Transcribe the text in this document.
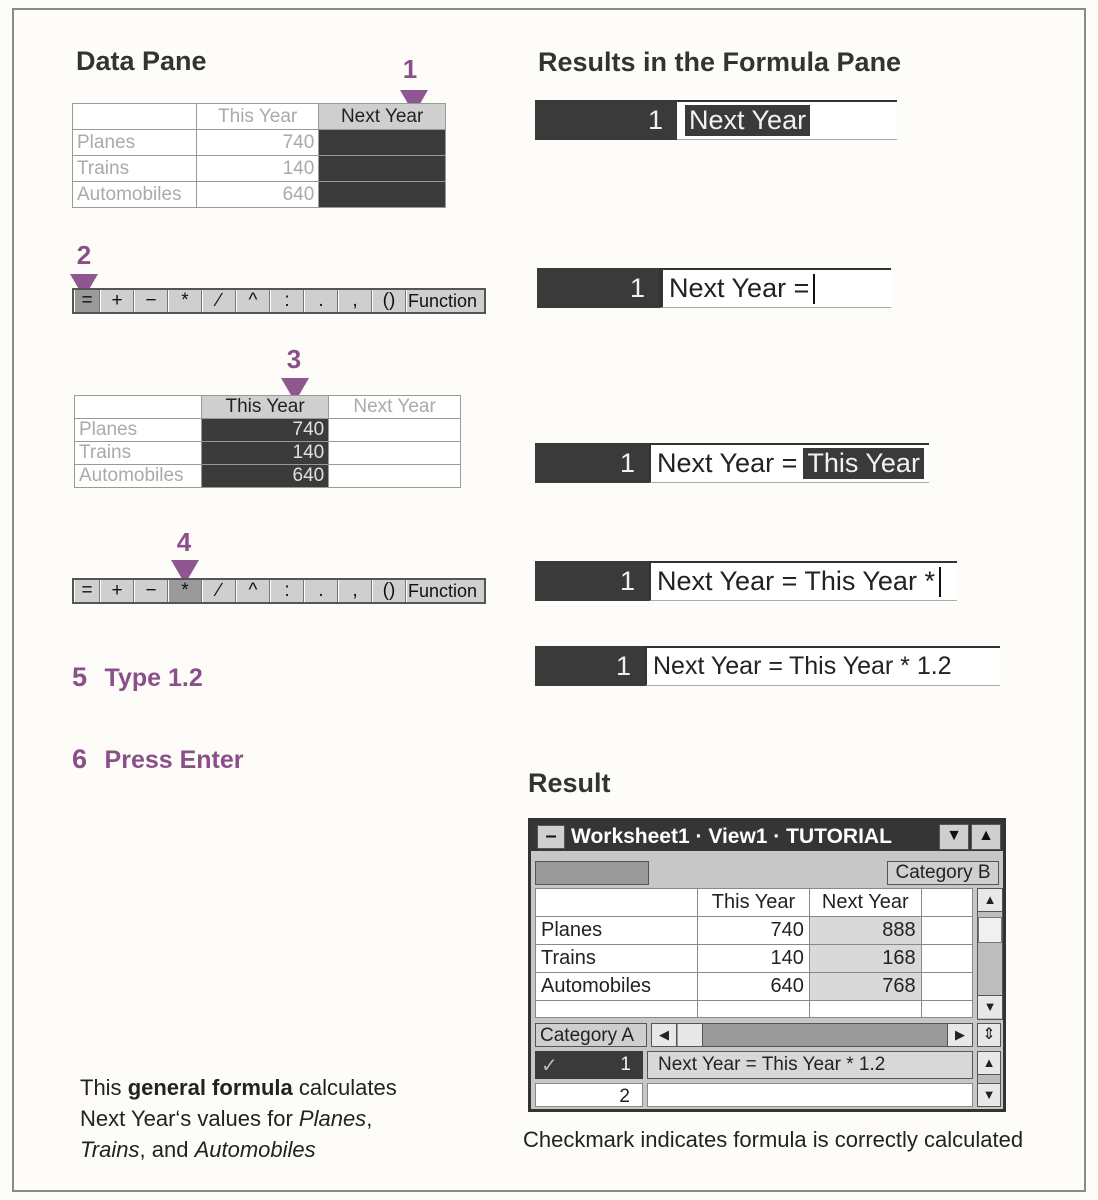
Data Pane	Results in the Formula Pane
1
	This Year	Next Year
Planes	740	
Trains	140	
Automobiles	640	
1 Next Year
2
= +	−	*	∕	^	:	.	,	() Function	1 Next Year =
3
	This Year	Next Year
Planes	740	
Trains	140	
Automobiles	640		1 Next Year = This Year
4
= +	−	*	∕	^	:	.	,	() Function	1 Next Year = This Year *
5 Type 1.2	1 Next Year = This Year * 1.2
6 Press Enter
Result
– Worksheet1 · View1 · TUTORIAL	▼	▲
Category B
	This Year	Next Year	
Planes	740	888	
Trains	140	168	
Automobiles	640	768	

▲
▼
Category A	◀	▶	⇕
✓	1	Next Year = This Year * 1.2
2
▲
▼
This general formula calculates
Next Year‘s values for Planes,
Trains, and Automobiles	Checkmark indicates formula is correctly calculated
